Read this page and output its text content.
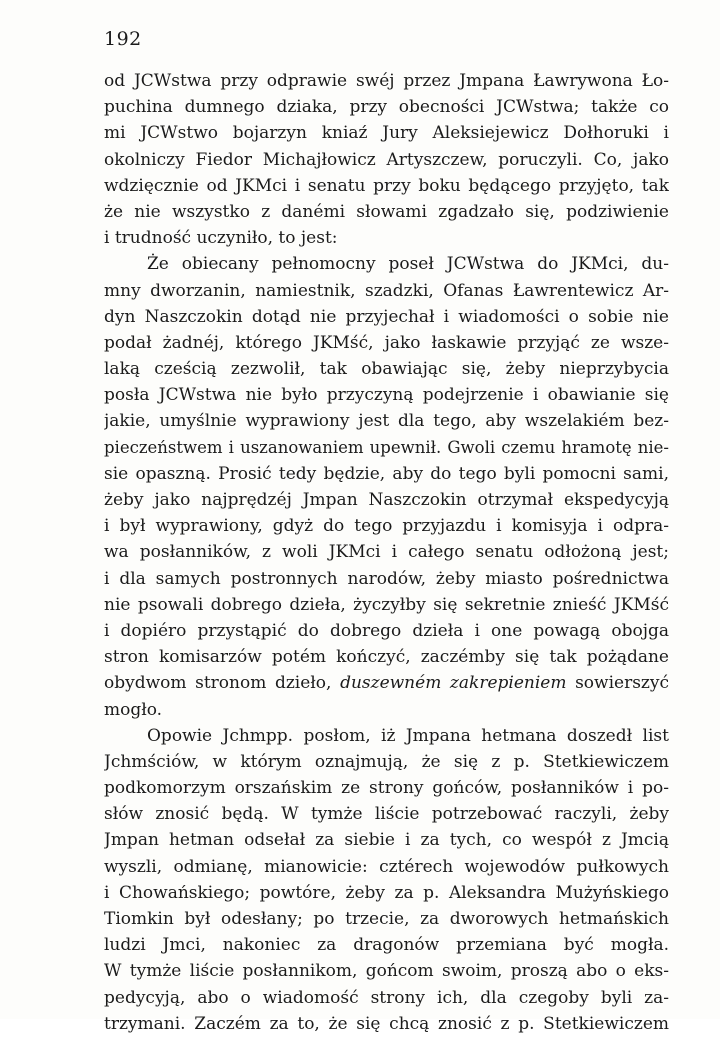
192
od JCWstwa przy odprawie swéj przez Jmpana Ławrywona Ło-
puchina dumnego dziaka, przy obecności JCWstwa; także co
mi JCWstwo bojarzyn kniaź Jury Aleksiejewicz Dołhoruki i
okolniczy Fiedor Michajłowicz Artyszczew, poruczyli. Co, jako
wdzięcznie od JKMci i senatu przy boku będącego przyjęto, tak
że nie wszystko z danémi słowami zgadzało się, podziwienie
i trudność uczyniło, to jest:
Że obiecany pełnomocny poseł JCWstwa do JKMci, du-
mny dworzanin, namiestnik, szadzki, Ofanas Ławrentewicz Ar-
dyn Naszczokin dotąd nie przyjechał i wiadomości o sobie nie
podał żadnéj, którego JKMść, jako łaskawie przyjąć ze wsze-
laką cześcią zezwolił, tak obawiając się, żeby nieprzybycia
posła JCWstwa nie było przyczyną podejrzenie i obawianie się
jakie, umyślnie wyprawiony jest dla tego, aby wszelakiém bez-
pieczeństwem i uszanowaniem upewnił. Gwoli czemu hramotę nie-
sie opaszną. Prosić tedy będzie, aby do tego byli pomocni sami,
żeby jako najprędzéj Jmpan Naszczokin otrzymał ekspedycyją
i był wyprawiony, gdyż do tego przyjazdu i komisyja i odpra-
wa posłanników, z woli JKMci i całego senatu odłożoną jest;
i dla samych postronnych narodów, żeby miasto pośrednictwa
nie psowali dobrego dzieła, życzyłby się sekretnie znieść JKMść
i dopiéro przystąpić do dobrego dzieła i one powagą obojga
stron komisarzów potém kończyć, zaczémby się tak pożądane
obydwom stronom dzieło, duszewném zakrepieniem sowierszyć
mogło.
Opowie Jchmpp. posłom, iż Jmpana hetmana doszedł list
Jchmściów, w którym oznajmują, że się z p. Stetkiewiczem
podkomorzym orszańskim ze strony gońców, posłanników i po-
słów znosić będą. W tymże liście potrzebować raczyli, żeby
Jmpan hetman odsełał za siebie i za tych, co wespół z Jmcią
wyszli, odmianę, mianowicie: cztérech wojewodów pułkowych
i Chowańskiego; powtóre, żeby za p. Aleksandra Mużyńskiego
Tiomkin był odesłany; po trzecie, za dworowych hetmańskich
ludzi Jmci, nakoniec za dragonów przemiana być mogła.
W tymże liście posłannikom, gońcom swoim, proszą abo o eks-
pedycyją, abo o wiadomość strony ich, dla czegoby byli za-
trzymani. Zaczém za to, że się chcą znosić z p. Stetkiewiczem
